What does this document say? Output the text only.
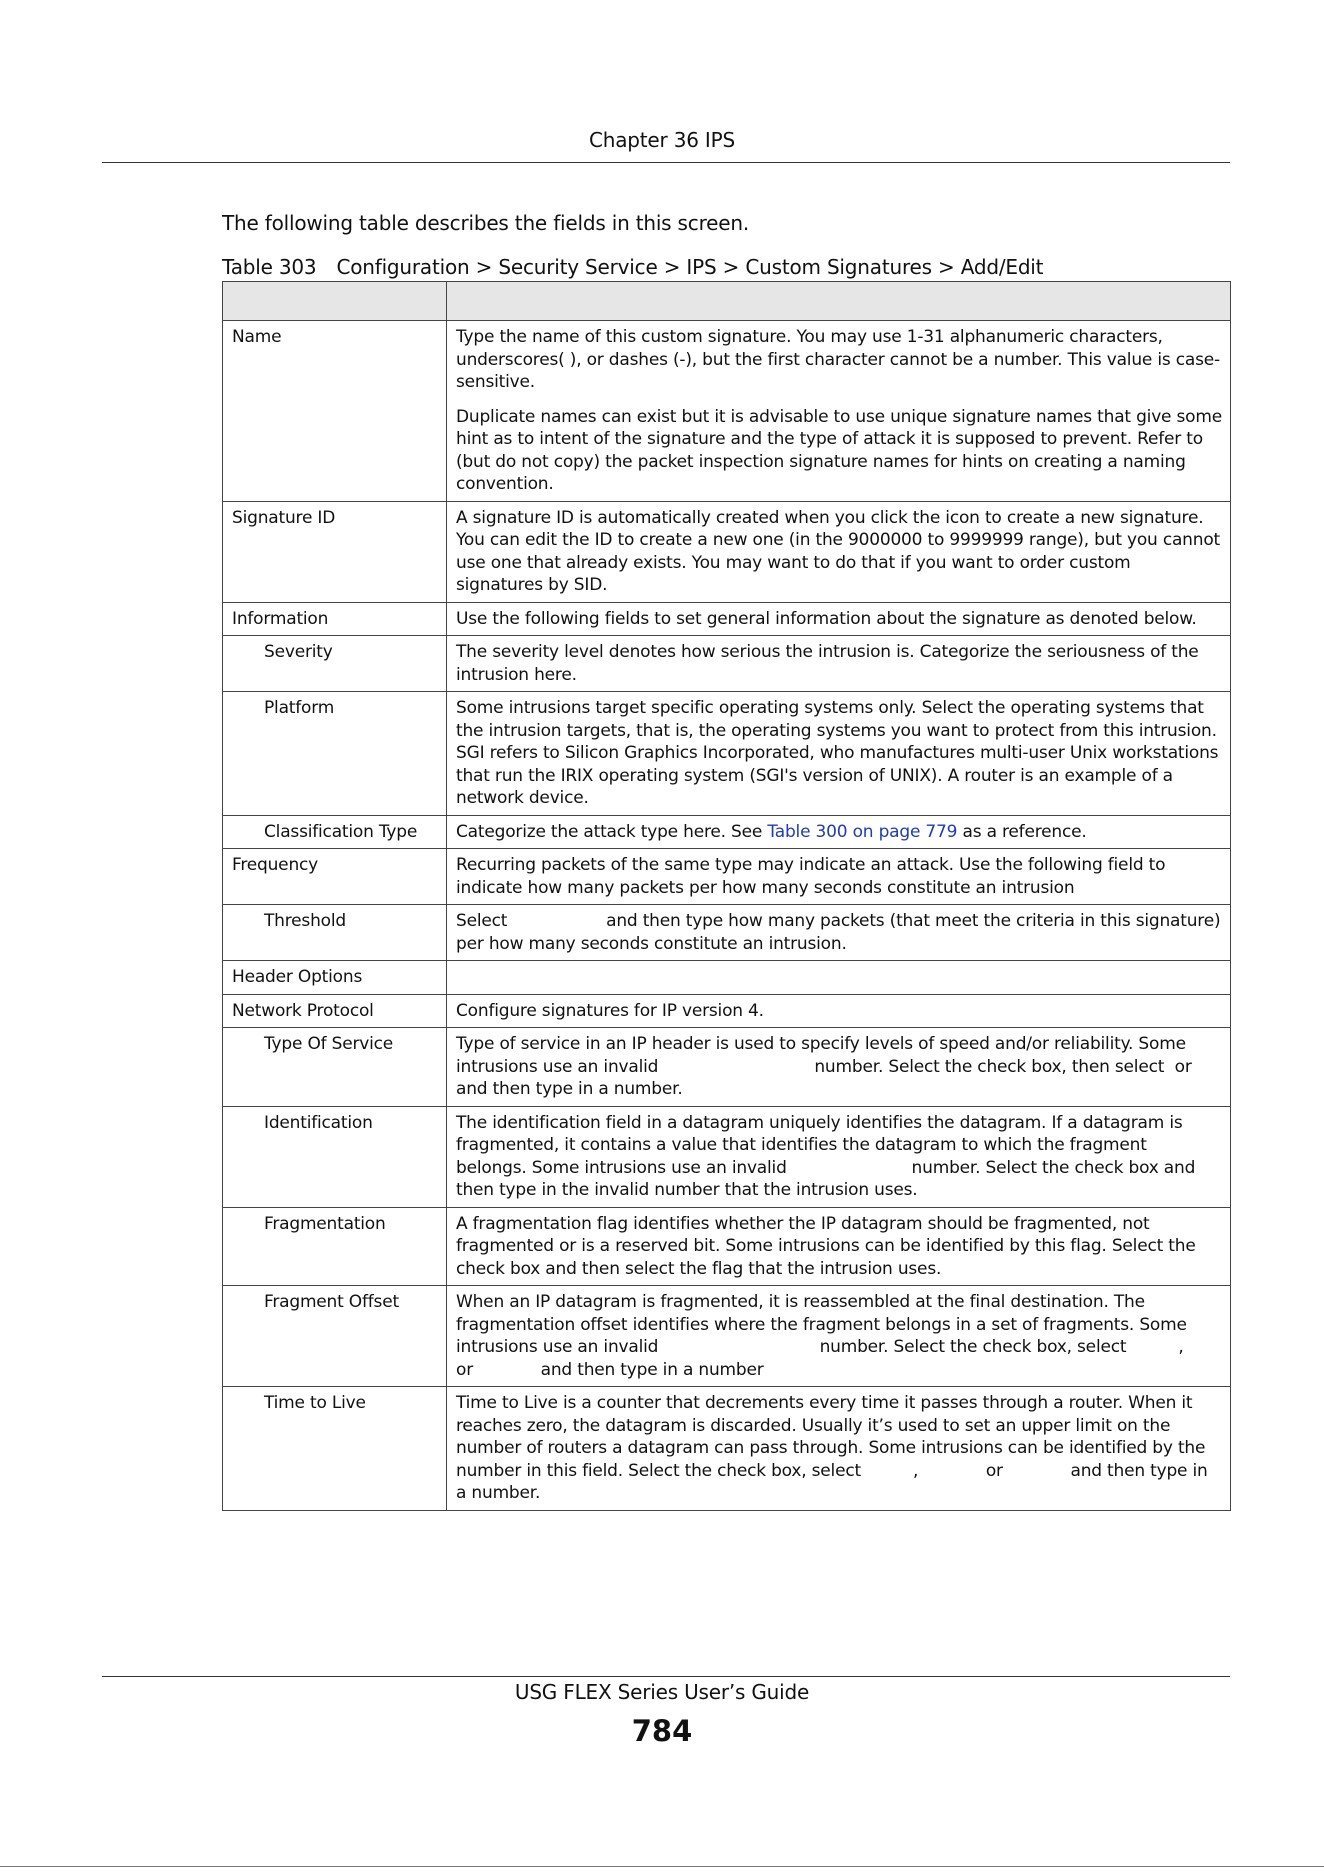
Chapter 36 IPS
The following table describes the fields in this screen.
Table 303 Configuration > Security Service > IPS > Custom Signatures > Add/Edit

Name	Type the name of this custom signature. You may use 1-31 alphanumeric characters, underscores( ), or dashes (-), but the first character cannot be a number. This value is case-sensitive.

Duplicate names can exist but it is advisable to use unique signature names that give some hint as to intent of the signature and the type of attack it is supposed to prevent. Refer to (but do not copy) the packet inspection signature names for hints on creating a naming convention.

Signature ID	A signature ID is automatically created when you click the icon to create a new signature. You can edit the ID to create a new one (in the 9000000 to 9999999 range), but you cannot use one that already exists. You may want to do that if you want to order custom signatures by SID.

Information	Use the following fields to set general information about the signature as denoted below.

Severity	The severity level denotes how serious the intrusion is. Categorize the seriousness of the intrusion here.

Platform	Some intrusions target specific operating systems only. Select the operating systems that the intrusion targets, that is, the operating systems you want to protect from this intrusion. SGI refers to Silicon Graphics Incorporated, who manufactures multi-user Unix workstations that run the IRIX operating system (SGI's version of UNIX). A router is an example of a network device.

Classification Type	Categorize the attack type here. See Table 300 on page 779 as a reference.

Frequency	Recurring packets of the same type may indicate an attack. Use the following field to indicate how many packets per how many seconds constitute an intrusion

Threshold	Select                   and then type how many packets (that meet the criteria in this signature) per how many seconds constitute an intrusion.

Header Options	

Network Protocol	Configure signatures for IP version 4.

Type Of Service	Type of service in an IP header is used to specify levels of speed and/or reliability. Some intrusions use an invalid                              number. Select the check box, then select  or                 and then type in a number.

Identification	The identification field in a datagram uniquely identifies the datagram. If a datagram is fragmented, it contains a value that identifies the datagram to which the fragment belongs. Some intrusions use an invalid                        number. Select the check box and then type in the invalid number that the intrusion uses.

Fragmentation	A fragmentation flag identifies whether the IP datagram should be fragmented, not fragmented or is a reserved bit. Some intrusions can be identified by this flag. Select the check box and then select the flag that the intrusion uses.

Fragment Offset	When an IP datagram is fragmented, it is reassembled at the final destination. The fragmentation offset identifies where the fragment belongs in a set of fragments. Some intrusions use an invalid                               number. Select the check box, select          ,             or             and then type in a number

Time to Live	Time to Live is a counter that decrements every time it passes through a router. When it reaches zero, the datagram is discarded. Usually it’s used to set an upper limit on the number of routers a datagram can pass through. Some intrusions can be identified by the number in this field. Select the check box, select          ,             or             and then type in a number.

USG FLEX Series User’s Guide
784
